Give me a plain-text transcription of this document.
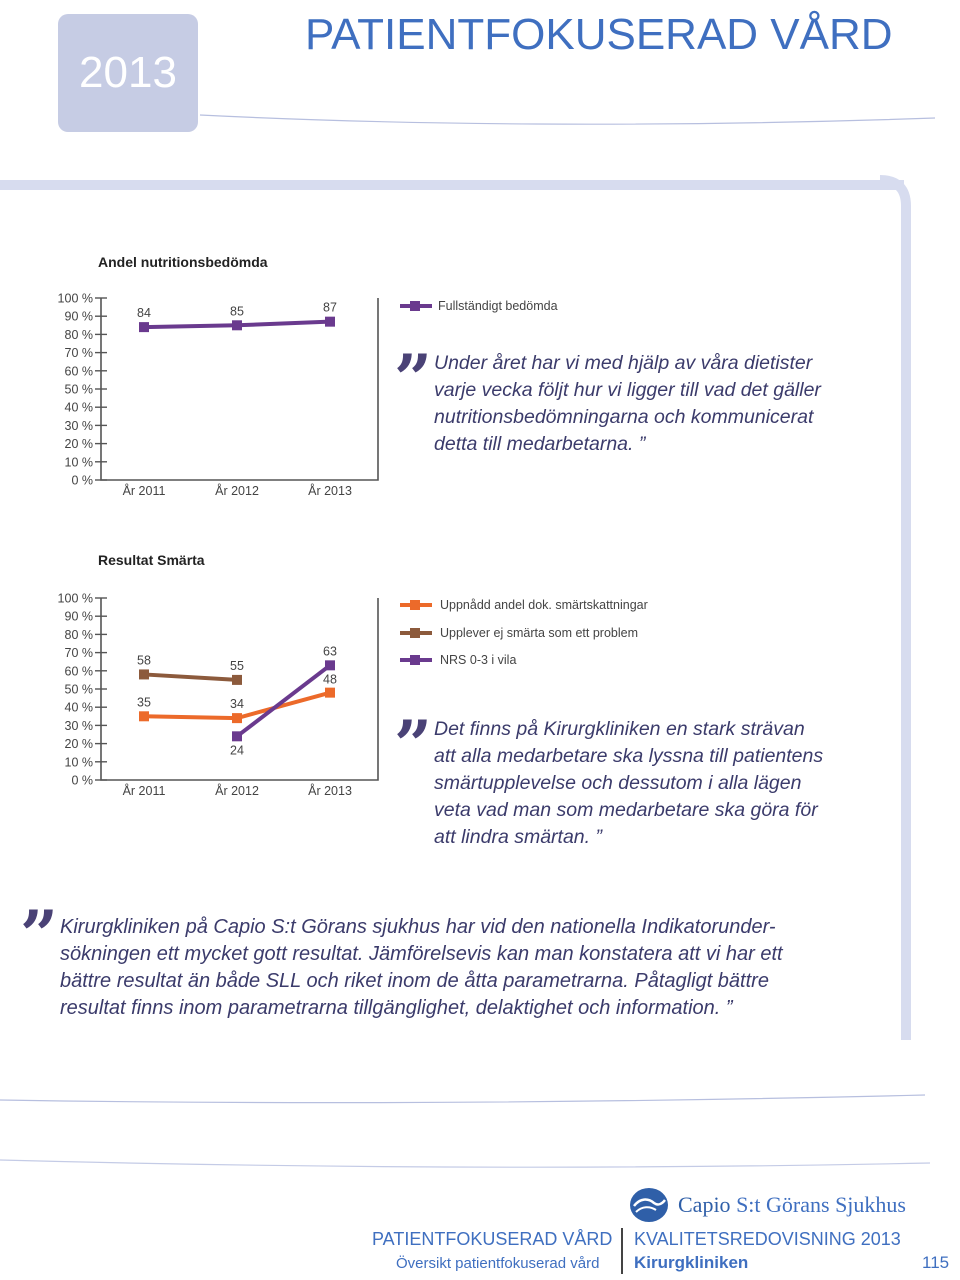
2013
PATIENTFOKUSERAD VÅRD
Andel nutritionsbedömda
100 %
90 %
80 %
70 %
60 %
50 %
40 %
30 %
20 %
10 %
0 %
År 2011	År 2012	År 2013
84	85	87	Fullständigt bedömda
” Under året har vi med hjälp av våra dietister
varje vecka följt hur vi ligger till vad det gäller
nutritionsbedömningarna och kommunicerat
detta till medarbetarna. ”
Resultat Smärta
100 %
90 %
80 %
70 %
60 %
50 %
40 %
30 %
20 %
10 %
0 %
År 2011	År 2012	År 2013
35	34
48
58	55
24
63
Uppnådd andel dok. smärtskattningar
Upplever ej smärta som ett problem
NRS 0-3 i vila
” Det finns på Kirurgkliniken en stark strävan
att alla medarbetare ska lyssna till patientens
smärtupplevelse och dessutom i alla lägen
veta vad man som medarbetare ska göra för
att lindra smärtan. ”
” Kirurgkliniken på Capio S:t Görans sjukhus har vid den nationella Indikatorunder-
sökningen ett mycket gott resultat. Jämförelsevis kan man konstatera att vi har ett
bättre resultat än både SLL och riket inom de åtta parametrarna. Påtagligt bättre
resultat finns inom parametrarna tillgänglighet, delaktighet och information. ”
Capio S:t Görans Sjukhus
PATIENTFOKUSERAD VÅRD
Översikt patientfokuserad vård
KVALITETSREDOVISNING 2013
Kirurgkliniken	115
